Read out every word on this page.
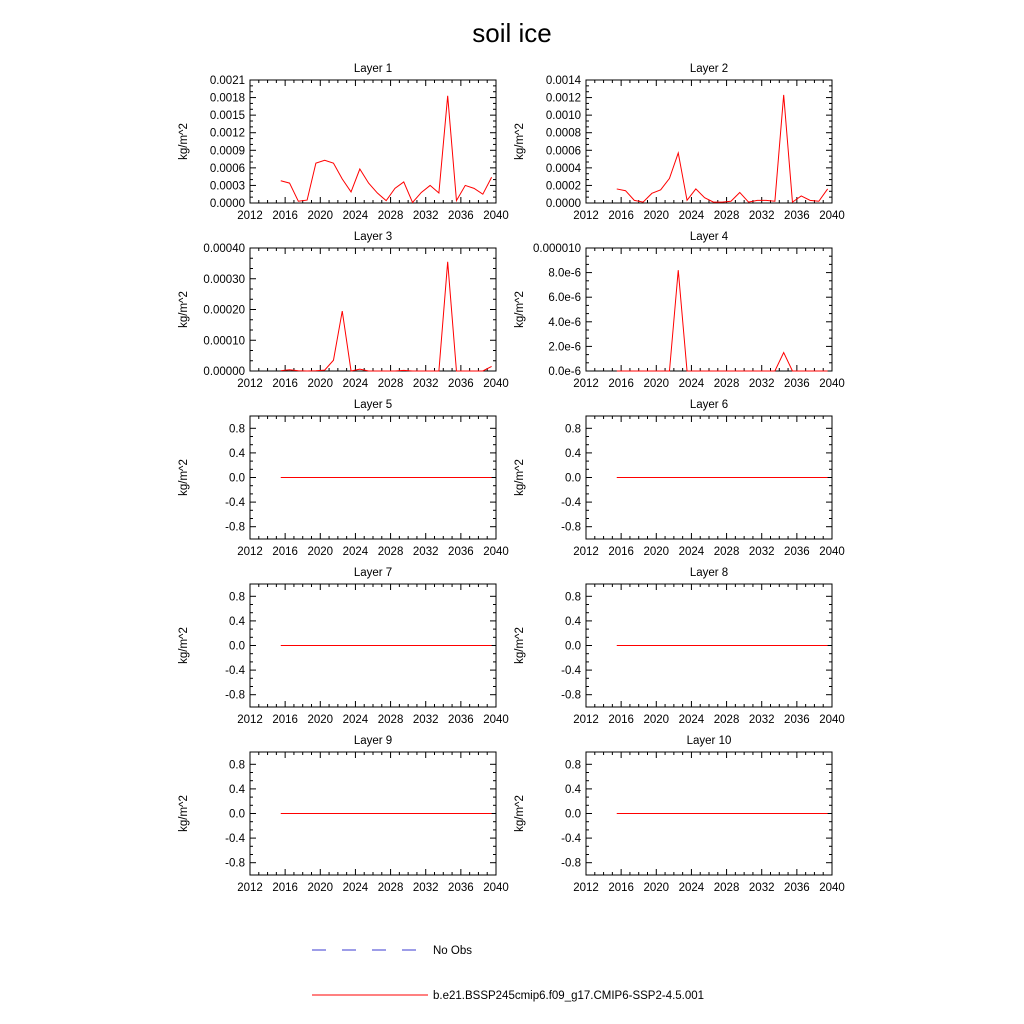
soil ice
Layer 1
kg/m^2
2012 2016 2020 2024 2028 2032 2036 2040
0.0000
0.0003
0.0006
0.0009
0.0012
0.0015
0.0018
0.0021
Layer 2
kg/m^2
2012 2016 2020 2024 2028 2032 2036 2040
0.0000
0.0002
0.0004
0.0006
0.0008
0.0010
0.0012
0.0014
Layer 3
kg/m^2
2012 2016 2020 2024 2028 2032 2036 2040
0.00000
0.00010
0.00020
0.00030
0.00040
Layer 4
kg/m^2
2012 2016 2020 2024 2028 2032 2036 2040
0.0e-6
2.0e-6
4.0e-6
6.0e-6
8.0e-6
0.000010
Layer 5
kg/m^2
2012 2016 2020 2024 2028 2032 2036 2040
-0.8
-0.4
0.0
0.4
0.8
Layer 6
kg/m^2
2012 2016 2020 2024 2028 2032 2036 2040
-0.8
-0.4
0.0
0.4
0.8
Layer 7
kg/m^2
2012 2016 2020 2024 2028 2032 2036 2040
-0.8
-0.4
0.0
0.4
0.8
Layer 8
kg/m^2
2012 2016 2020 2024 2028 2032 2036 2040
-0.8
-0.4
0.0
0.4
0.8
Layer 9
kg/m^2
2012 2016 2020 2024 2028 2032 2036 2040
-0.8
-0.4
0.0
0.4
0.8
Layer 10
kg/m^2
2012 2016 2020 2024 2028 2032 2036 2040
-0.8
-0.4
0.0
0.4
0.8
No Obs
b.e21.BSSP245cmip6.f09_g17.CMIP6-SSP2-4.5.001
